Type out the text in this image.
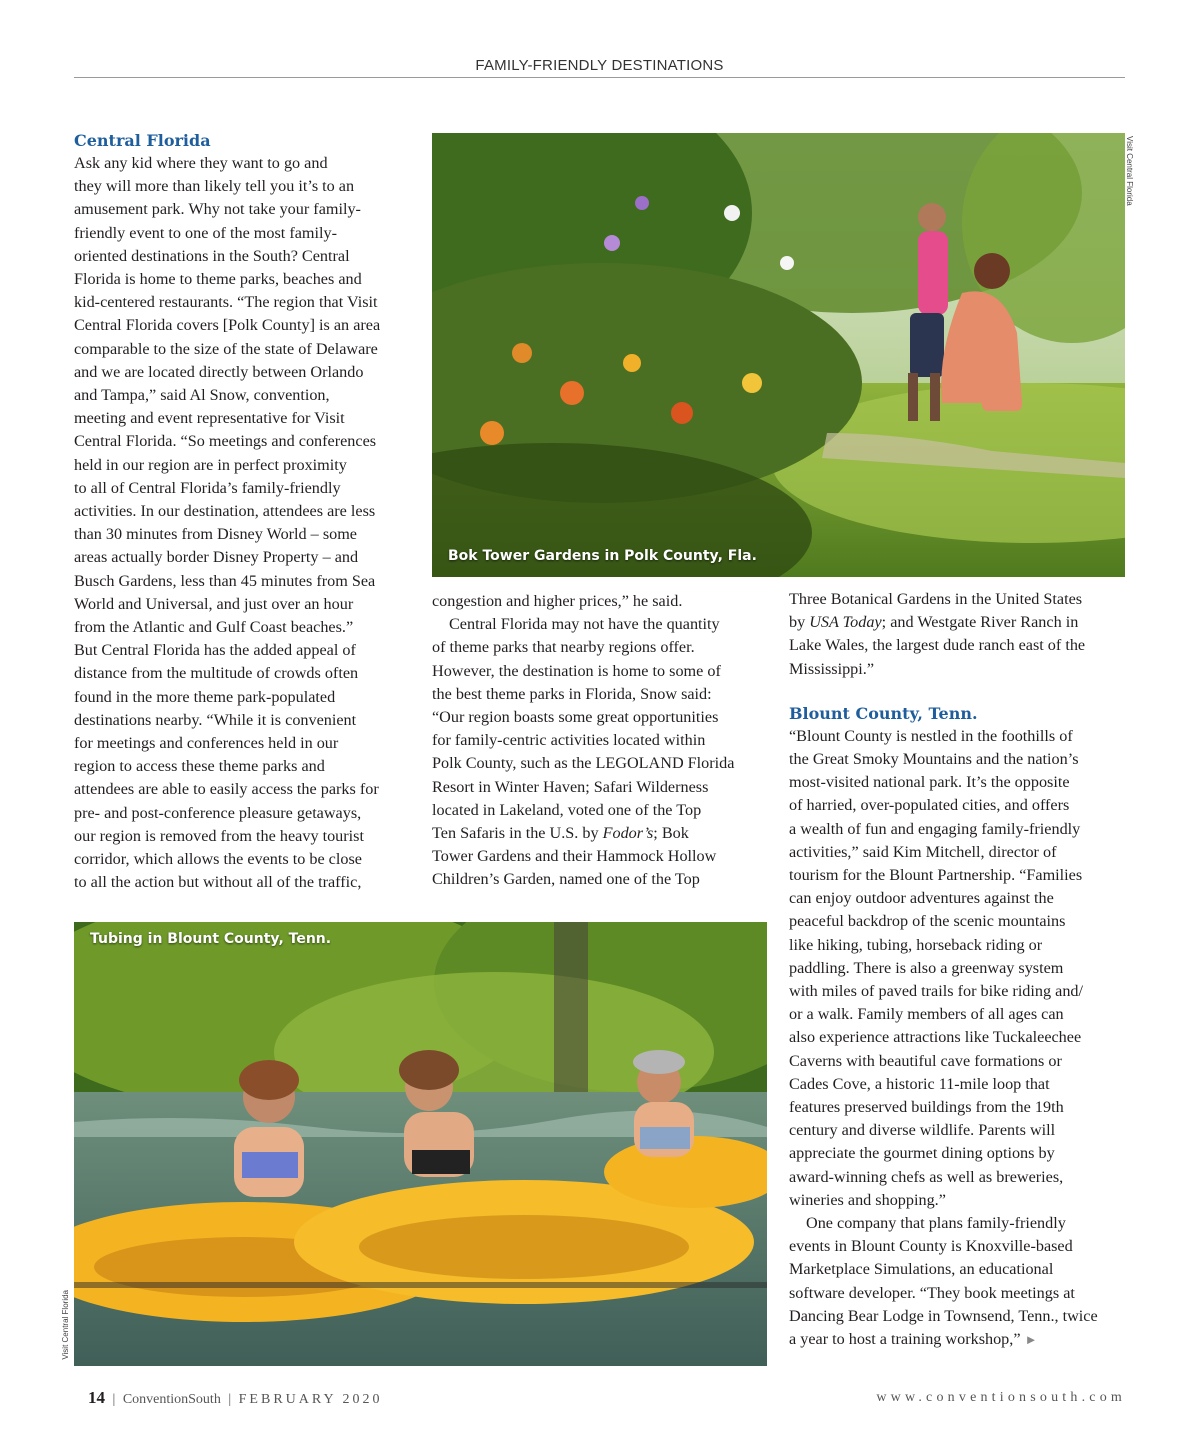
FAMILY-FRIENDLY DESTINATIONS
Central Florida

Ask any kid where they want to go and

they will more than likely tell you it’s to an

amusement park. Why not take your family-

friendly event to one of the most family-

oriented destinations in the South? Central

Florida is home to theme parks, beaches and

kid-centered restaurants. “The region that Visit

Central Florida covers [Polk County] is an area

comparable to the size of the state of Delaware

and we are located directly between Orlando

and Tampa,” said Al Snow, convention,

meeting and event representative for Visit

Central Florida. “So meetings and conferences

held in our region are in perfect proximity

to all of Central Florida’s family-friendly

activities. In our destination, attendees are less

than 30 minutes from Disney World – some

areas actually border Disney Property – and

Busch Gardens, less than 45 minutes from Sea

World and Universal, and just over an hour

from the Atlantic and Gulf Coast beaches.”

But Central Florida has the added appeal of

distance from the multitude of crowds often

found in the more theme park-populated

destinations nearby. “While it is convenient

for meetings and conferences held in our

region to access these theme parks and

attendees are able to easily access the parks for

pre- and post-conference pleasure getaways,

our region is removed from the heavy tourist

corridor, which allows the events to be close

to all the action but without all of the traffic,

Bok Tower Gardens in Polk County, Fla.
Visit Central Florida

congestion and higher prices,” he said.

Central Florida may not have the quantity

of theme parks that nearby regions offer.

However, the destination is home to some of

the best theme parks in Florida, Snow said:

“Our region boasts some great opportunities

for family-centric activities located within

Polk County, such as the LEGOLAND Florida

Resort in Winter Haven; Safari Wilderness

located in Lakeland, voted one of the Top

Ten Safaris in the U.S. by Fodor’s; Bok

Tower Gardens and their Hammock Hollow

Children’s Garden, named one of the Top

Three Botanical Gardens in the United States

by USA Today; and Westgate River Ranch in

Lake Wales, the largest dude ranch east of the

Mississippi.”

Blount County, Tenn.

“Blount County is nestled in the foothills of

the Great Smoky Mountains and the nation’s

most-visited national park. It’s the opposite

of harried, over-populated cities, and offers

a wealth of fun and engaging family-friendly

activities,” said Kim Mitchell, director of

tourism for the Blount Partnership. “Families

can enjoy outdoor adventures against the

peaceful backdrop of the scenic mountains

like hiking, tubing, horseback riding or

paddling. There is also a greenway system

with miles of paved trails for bike riding and/

or a walk. Family members of all ages can

also experience attractions like Tuckaleechee

Caverns with beautiful cave formations or

Cades Cove, a historic 11-mile loop that

features preserved buildings from the 19th

century and diverse wildlife. Parents will

appreciate the gourmet dining options by

award-winning chefs as well as breweries,

wineries and shopping.”

One company that plans family-friendly

events in Blount County is Knoxville-based

Marketplace Simulations, an educational

software developer. “They book meetings at

Dancing Bear Lodge in Townsend, Tenn., twice

a year to host a training workshop,” ►

Tubing in Blount County, Tenn.
Visit Central Florida
14 | ConventionSouth | FEBRUARY 2020	www.conventionsouth.com
